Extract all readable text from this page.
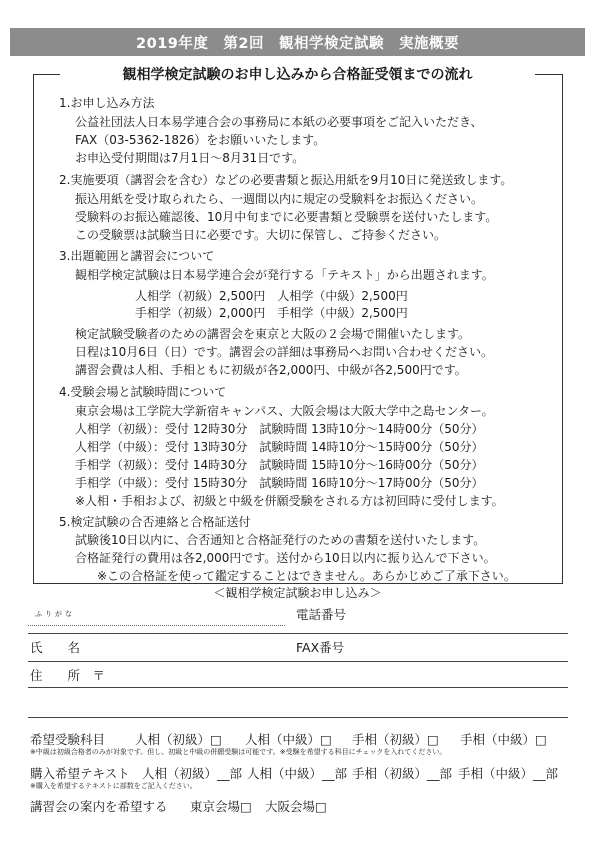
2019年度　第2回　観相学検定試験　実施概要
観相学検定試験のお申し込みから合格証受領までの流れ
1.お申し込み方法
公益社団法人日本易学連合会の事務局に本紙の必要事項をご記入いただき、
FAX（03-5362-1826）をお願いいたします。
お申込受付期間は7月1日～8月31日です。
2.実施要項（講習会を含む）などの必要書類と振込用紙を9月10日に発送致します。
振込用紙を受け取られたら、一週間以内に規定の受験料をお振込ください。
受験料のお振込確認後、10月中旬までに必要書類と受験票を送付いたします。
この受験票は試験当日に必要です。大切に保管し、ご持参ください。
3.出題範囲と講習会について
観相学検定試験は日本易学連合会が発行する「テキスト」から出題されます。
人相学（初級）2,500円　人相学（中級）2,500円
手相学（初級）2,000円　手相学（中級）2,500円
検定試験受験者のための講習会を東京と大阪の２会場で開催いたします。
日程は10月6日（日）です。講習会の詳細は事務局へお問い合わせください。
講習会費は人相、手相ともに初級が各2,000円、中級が各2,500円です。
4.受験会場と試験時間について
東京会場は工学院大学新宿キャンパス、大阪会場は大阪大学中之島センター。
人相学（初級）：受付 12時30分　試験時間 13時10分～14時00分（50分）
人相学（中級）：受付 13時30分　試験時間 14時10分～15時00分（50分）
手相学（初級）：受付 14時30分　試験時間 15時10分～16時00分（50分）
手相学（中級）：受付 15時30分　試験時間 16時10分～17時00分（50分）
※人相・手相および、初級と中級を併願受験をされる方は初回時に受付します。
5.検定試験の合否連絡と合格証送付
試験後10日以内に、合否通知と合格証発行のための書類を送付いたします。
合格証発行の費用は各2,000円です。送付から10日以内に振り込んで下さい。
※この合格証を使って鑑定することはできません。あらかじめご了承下さい。
＜観相学検定試験お申し込み＞
ふりがな	電話番号
氏　　名	FAX番号
住　　所　〒
希望受験科目 人相（初級）□ 人相（中級）□ 手相（初級）□ 手相（中級）□
※中級は初級合格者のみが対象です。但し、初級と中級の併願受験は可能です。※受験を希望する科目にチェックを入れてください。
購入希望テキスト 人相（初級）__部 人相（中級）__部 手相（初級）__部 手相（中級）__部
※購入を希望するテキストに部数をご記入ください。
講習会の案内を希望する 東京会場□ 大阪会場□
